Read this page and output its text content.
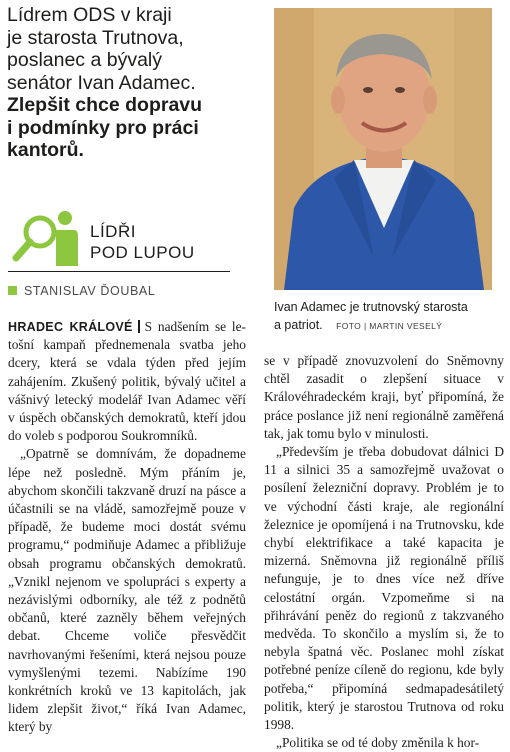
Lídrem ODS v kraji

je starosta Trutnova,

poslanec a bývalý

senátor Ivan Adamec.

Zlepšit chce dopravu

i podmínky pro práci

kantorů.

LÍDŘI
POD LUPOU
STANISLAV ĎOUBAL
Ivan Adamec je trutnovský starosta
a patriot. FOTO | MARTIN VESELÝ

HRADEC KRÁLOVÉ S nadšením se le-tošní kampaň přednemenala svatba jeho dcery, která se vdala týden před jejím zahájením. Zkušený politik, bývalý učitel a vášnivý letecký modelář Ivan Adamec věří v úspěch občanských demokratů, kteří jdou do voleb s podporou Soukromníků.

„Opatrně se domnívám, že dopadneme lépe než posledně. Mým přáním je, abychom skončili takzvaně druzí na pásce a účastnili se na vládě, samozřejmě pouze v případě, že budeme moci dostát svému programu,“ podmiňuje Adamec a přibližuje obsah programu občanských demokratů. „Vznikl nejenom ve spolupráci s experty a nezávislými odborníky, ale též z podnětů občanů, které zazněly během veřejných debat. Chceme voliče přesvědčit navrhovanými řešeními, která nejsou pouze vymyšlenými tezemi. Nabízíme 190 konkrétních kroků ve 13 kapitolách, jak lidem zlepšit život,“ říká Ivan Adamec, který by

se v případě znovuzvolení do Sněmovny chtěl zasadit o zlepšení situace v Královéhradeckém kraji, byť připomíná, že práce poslance již není regionálně zaměřená tak, jak tomu bylo v minulosti.

„Především je třeba dobudovat dálnici D 11 a silnici 35 a samozřejmě uvažovat o posílení železniční dopravy. Problém je to ve východní části kraje, ale regionální železnice je opomíjená i na Trutnovsku, kde chybí elektrifikace a také kapacita je mizerná. Sněmovna již regionálně příliš nefunguje, je to dnes více než dříve celostátní orgán. Vzpomeňme si na přihrávání peněz do regionů z takzvaného medvěda. To skončilo a myslím si, že to nebyla špatná věc. Poslanec mohl získat potřebné peníze cíleně do regionu, kde byly potřeba,“ připomíná sedmapadesátiletý politik, který je starostou Trutnova od roku 1998.

„Politika se od té doby změnila k hor-
